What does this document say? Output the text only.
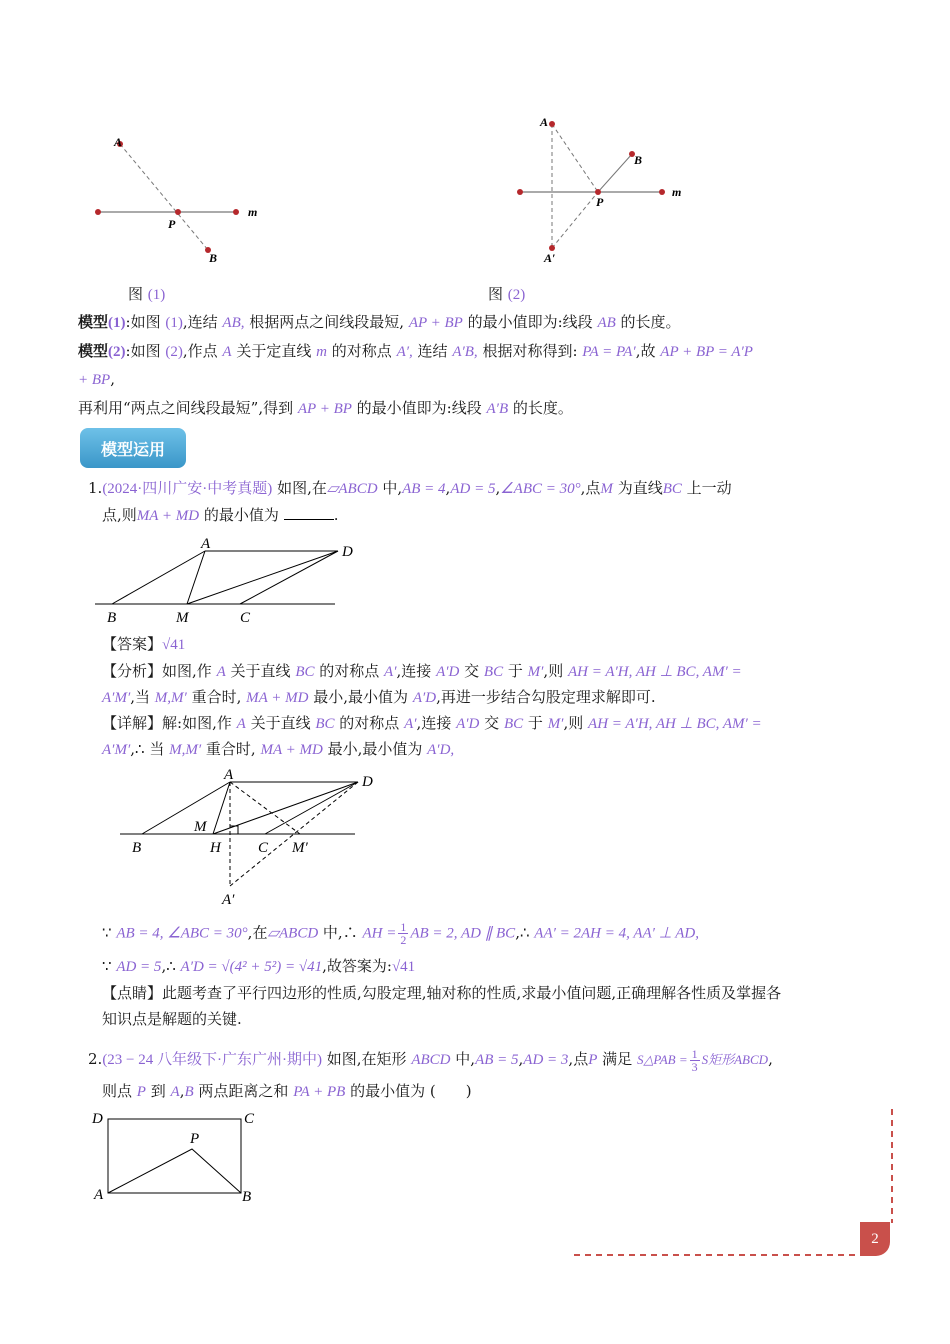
A
P
m
B
图 (1)
A
B
P
m
A′
图 (2)
模型(1):如图 (1),连结 AB, 根据两点之间线段最短, AP + BP 的最小值即为:线段 AB 的长度。
模型(2):如图 (2),作点 A 关于定直线 m 的对称点 A′, 连结 A′B, 根据对称得到: PA = PA′,故 AP + BP = A′P
+ BP,
再利用“两点之间线段最短”,得到 AP + BP 的最小值即为:线段 A′B 的长度。
模型运用
1.(2024·四川广安·中考真题) 如图,在▱ABCD 中,AB = 4,AD = 5,∠ABC = 30°,点M 为直线BC 上一动
点,则MA + MD 的最小值为	.
A	D
B	M	C
【答案】√41
【分析】如图,作 A 关于直线 BC 的对称点 A′,连接 A′D 交 BC 于 M′,则 AH = A′H, AH ⊥ BC, AM′ =
A′M′,当 M,M′ 重合时, MA + MD 最小,最小值为 A′D,再进一步结合勾股定理求解即可.
【详解】解:如图,作 A 关于直线 BC 的对称点 A′,连接 A′D 交 BC 于 M′,则 AH = A′H, AH ⊥ BC, AM′ =
A′M′,∴ 当 M,M′ 重合时, MA + MD 最小,最小值为 A′D,
A	D
M
B	H C M′
A′
∵ AB = 4, ∠ABC = 30°,在▱ABCD 中,∴ AH = $\frac{1}{2}$ AB = 2, AD ∥ BC,∴ AA′ = 2AH = 4, AA′ ⊥ AD,
∵ AD = 5,∴ A′D = √(4² + 5²) = √41,故答案为:√41
【点睛】此题考查了平行四边形的性质,勾股定理,轴对称的性质,求最小值问题,正确理解各性质及掌握各
知识点是解题的关键.
2.(23 − 24 八年级下·广东广州·期中) 如图,在矩形 ABCD 中,AB = 5,AD = 3,点P 满足 S△PAB = $\frac{1}{3}$ S矩形ABCD,
则点 P 到 A,B 两点距离之和 PA + PB 的最小值为 (　　)
D	C
P
A	B
2
